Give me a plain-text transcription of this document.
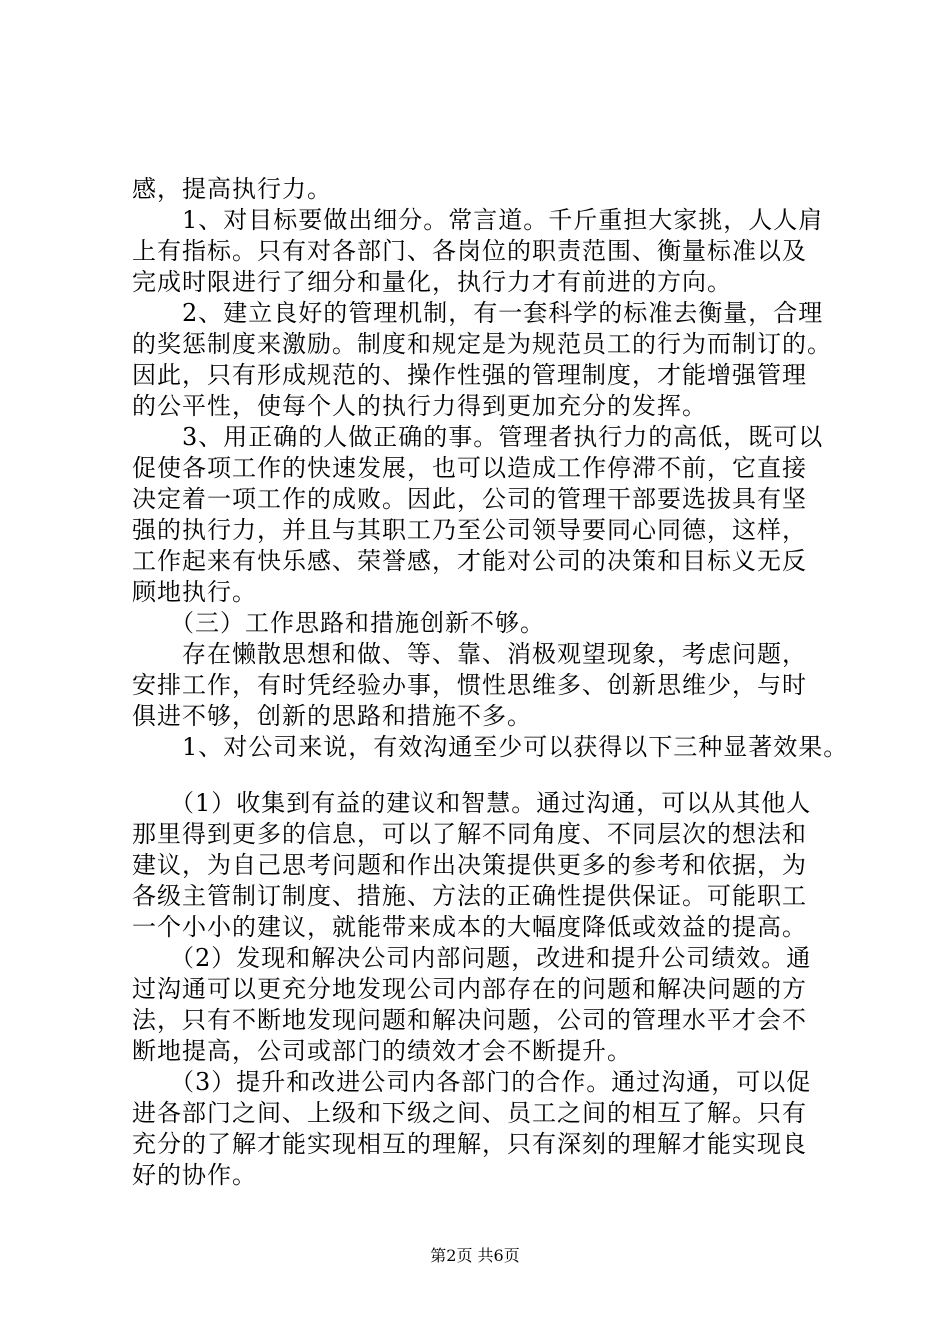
感，提高执行力。
　　1、对目标要做出细分。常言道。千斤重担大家挑，人人肩
上有指标。只有对各部门、各岗位的职责范围、衡量标准以及
完成时限进行了细分和量化，执行力才有前进的方向。
　　2、建立良好的管理机制，有一套科学的标准去衡量，合理
的奖惩制度来激励。制度和规定是为规范员工的行为而制订的。
因此，只有形成规范的、操作性强的管理制度，才能增强管理
的公平性，使每个人的执行力得到更加充分的发挥。
　　3、用正确的人做正确的事。管理者执行力的高低，既可以
促使各项工作的快速发展，也可以造成工作停滞不前，它直接
决定着一项工作的成败。因此，公司的管理干部要选拔具有坚
强的执行力，并且与其职工乃至公司领导要同心同德，这样，
工作起来有快乐感、荣誉感，才能对公司的决策和目标义无反
顾地执行。
　　（三）工作思路和措施创新不够。
　　存在懒散思想和做、等、靠、消极观望现象，考虑问题，
安排工作，有时凭经验办事，惯性思维多、创新思维少，与时
俱进不够，创新的思路和措施不多。
　　1、对公司来说，有效沟通至少可以获得以下三种显著效果。
　　（1）收集到有益的建议和智慧。通过沟通，可以从其他人
那里得到更多的信息，可以了解不同角度、不同层次的想法和
建议，为自己思考问题和作出决策提供更多的参考和依据，为
各级主管制订制度、措施、方法的正确性提供保证。可能职工
一个小小的建议，就能带来成本的大幅度降低或效益的提高。
　　（2）发现和解决公司内部问题，改进和提升公司绩效。通
过沟通可以更充分地发现公司内部存在的问题和解决问题的方
法，只有不断地发现问题和解决问题，公司的管理水平才会不
断地提高，公司或部门的绩效才会不断提升。
　　（3）提升和改进公司内各部门的合作。通过沟通，可以促
进各部门之间、上级和下级之间、员工之间的相互了解。只有
充分的了解才能实现相互的理解，只有深刻的理解才能实现良
好的协作。
第2页 共6页
